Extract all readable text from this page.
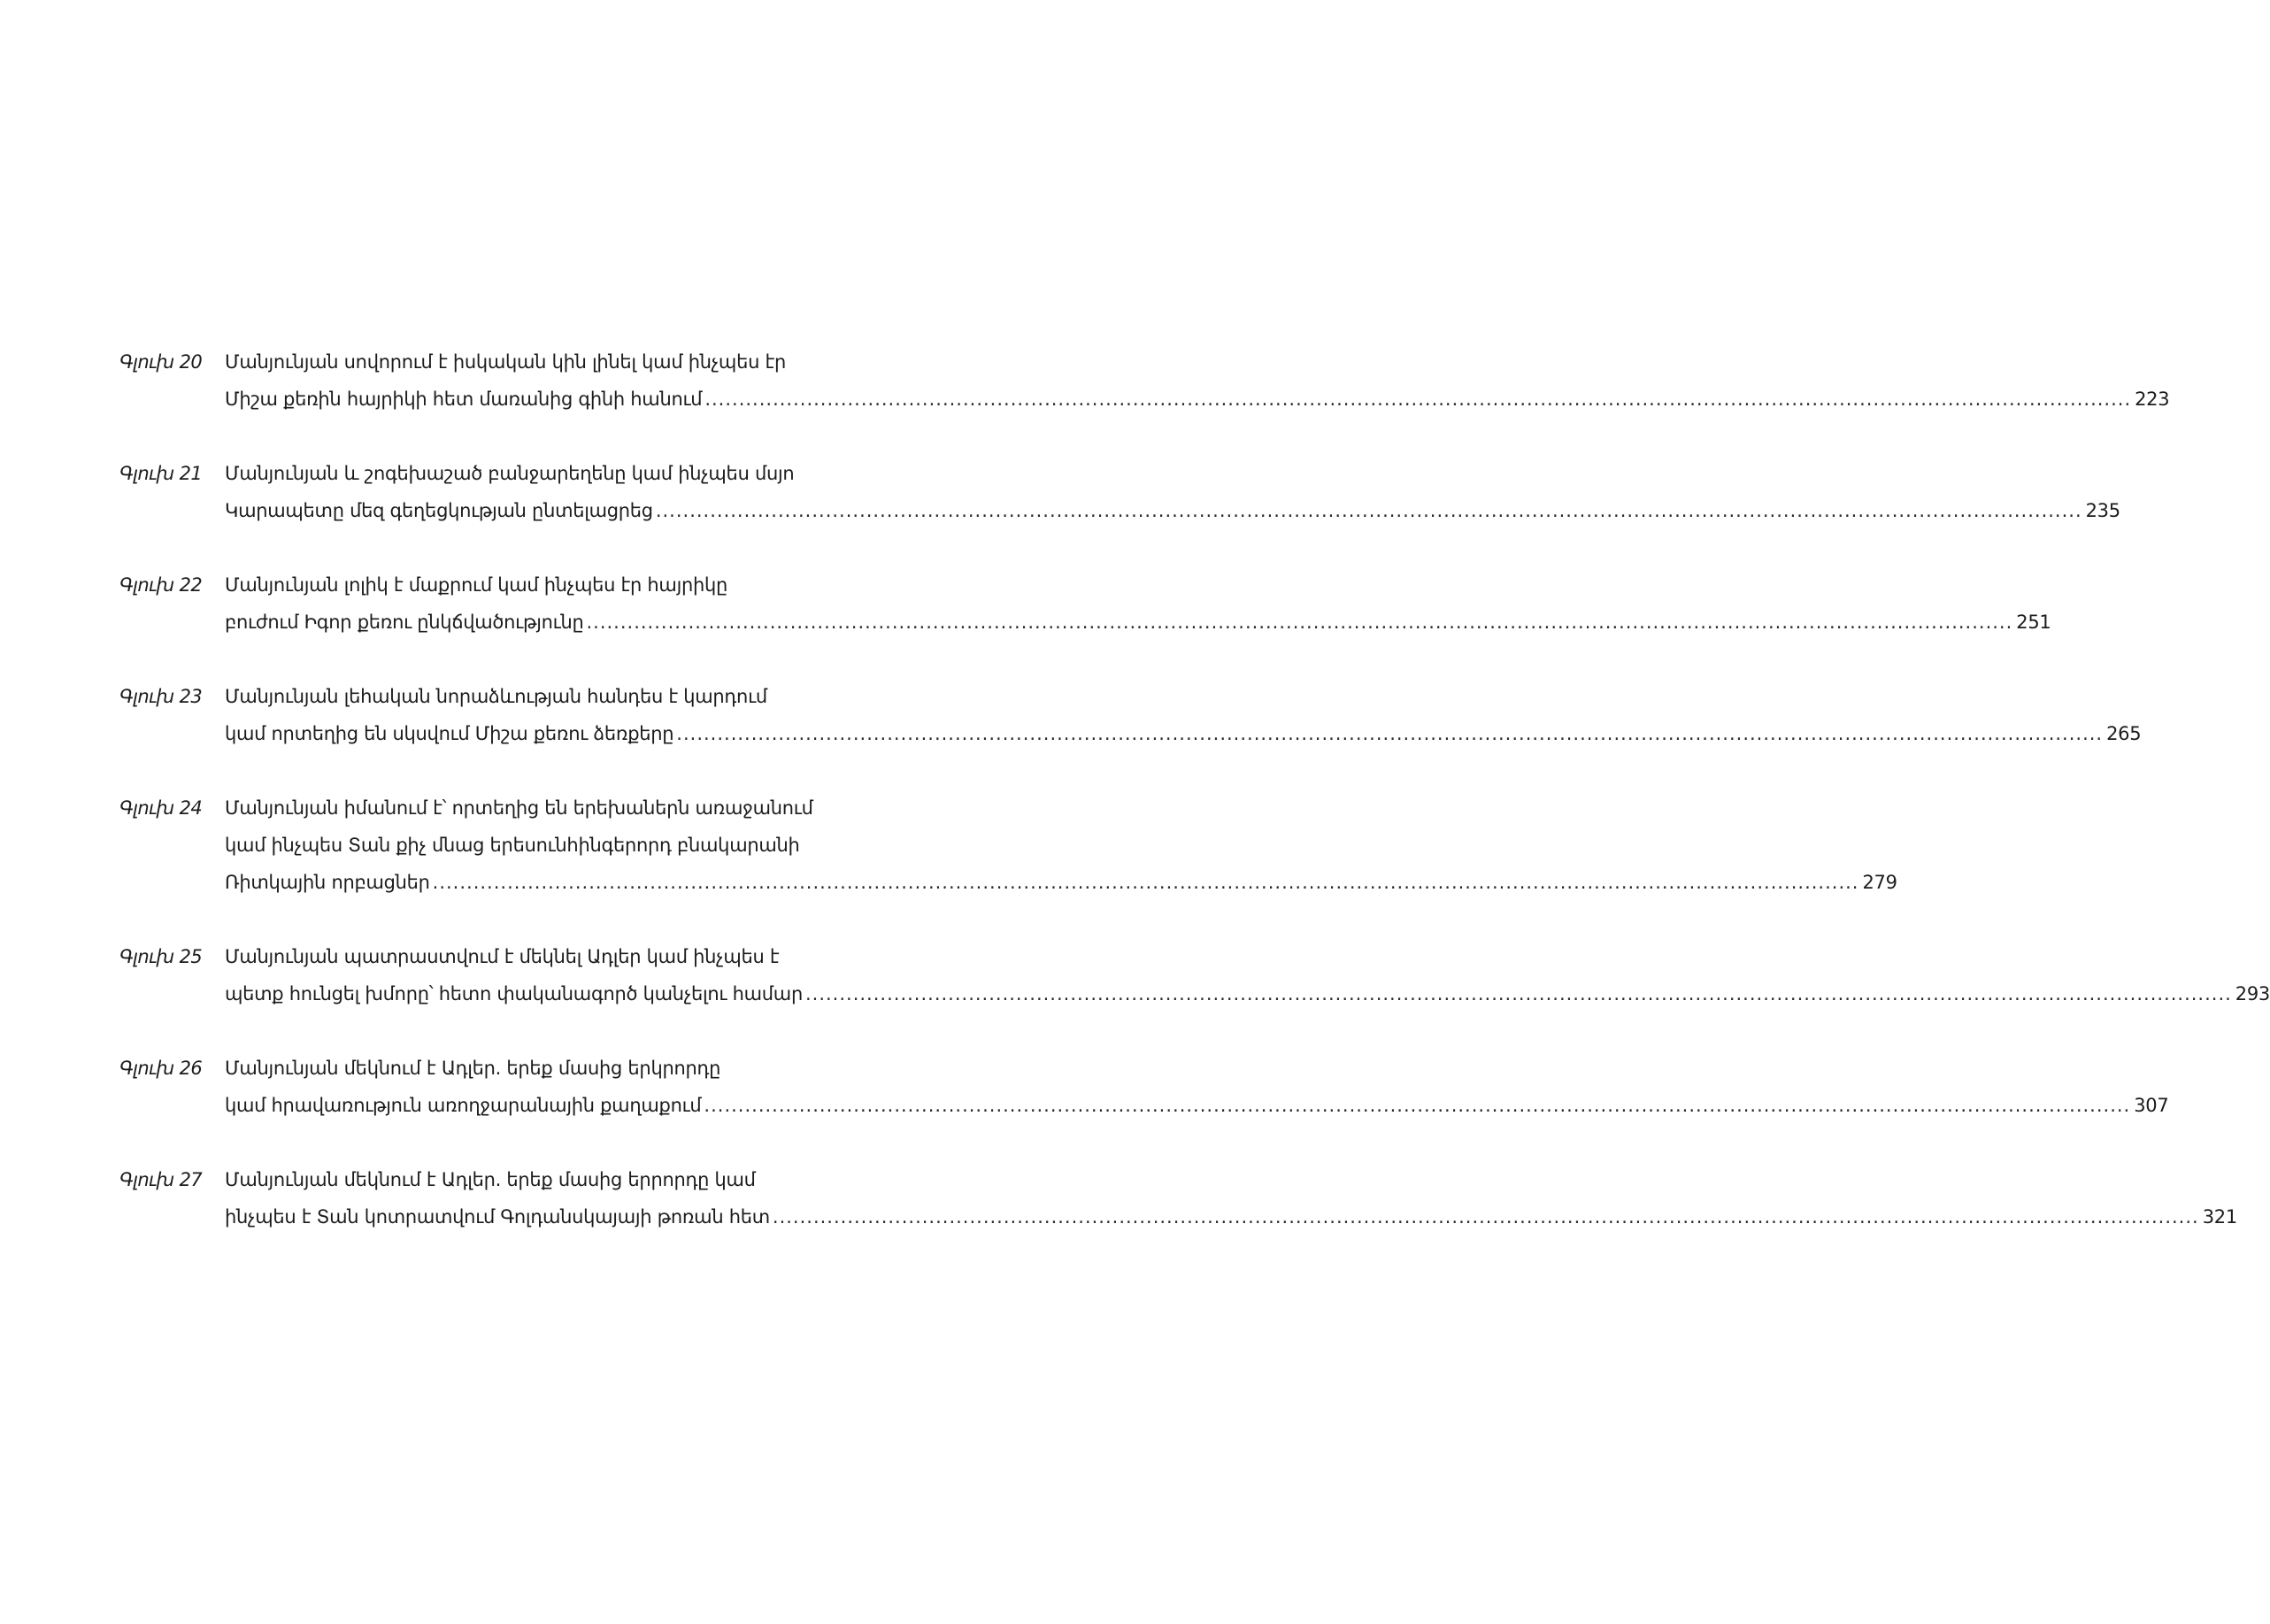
Գլուխ 20	Մանյունյան սովորում է իսկական կին լինել կամ ինչպես էր
Միշա քեռին հայրիկի հետ մառանից գինի հանում .....	223
Գլուխ 21	Մանյունյան և շոգեխաշած բանջարեղենը կամ ինչպես մսյո
Կարապետը մեզ գեղեցկության ընտելացրեց .....	235
Գլուխ 22	Մանյունյան լոլիկ է մաքրում կամ ինչպես էր հայրիկը
բուժում Իգոր քեռու ընկճվածությունը .....	251
Գլուխ 23	Մանյունյան լեհական նորաձևության հանդես է կարդում
կամ որտեղից են սկսվում Միշա քեռու ձեռքերը .....	265
Գլուխ 24	Մանյունյան իմանում է՝ որտեղից են երեխաներն առաջանում
կամ ինչպես Տան քիչ մնաց երեսունհինգերորդ բնակարանի
Ռիտկային որբացներ .....	279
Գլուխ 25	Մանյունյան պատրաստվում է մեկնել Ադլեր կամ ինչպես է
պետք հունցել խմորը՝ հետո փականագործ կանչելու համար .....	293
Գլուխ 26	Մանյունյան մեկնում է Ադլեր. երեք մասից երկրորդը
կամ հրավառություն առողջարանային քաղաքում .....	307
Գլուխ 27	Մանյունյան մեկնում է Ադլեր. երեք մասից երրորդը կամ
ինչպես է Տան կոտրատվում Գոլդանսկայայի թոռան հետ .....	321
